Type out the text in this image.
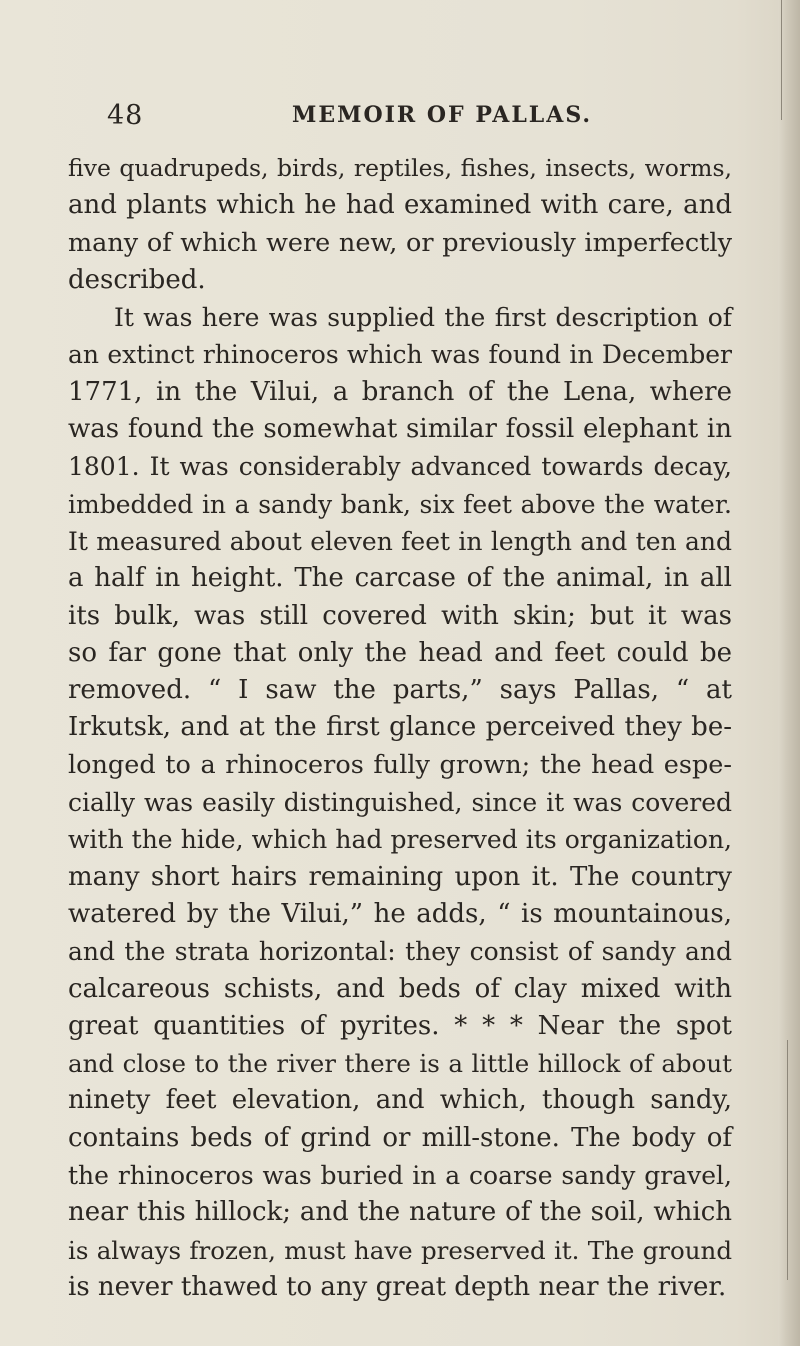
48	MEMOIR OF PALLAS.
five quadrupeds, birds, reptiles, fishes, insects, worms,
and plants which he had examined with care, and
many of which were new, or previously imperfectly
described.
It was here was supplied the first description of
an extinct rhinoceros which was found in December
1771, in the Vilui, a branch of the Lena, where
was found the somewhat similar fossil elephant in
1801. It was considerably advanced towards decay,
imbedded in a sandy bank, six feet above the water.
It measured about eleven feet in length and ten and
a half in height. The carcase of the animal, in all
its bulk, was still covered with skin; but it was
so far gone that only the head and feet could be
removed. “ I saw the parts,” says Pallas, “ at
Irkutsk, and at the first glance perceived they be-
longed to a rhinoceros fully grown; the head espe-
cially was easily distinguished, since it was covered
with the hide, which had preserved its organization,
many short hairs remaining upon it. The country
watered by the Vilui,” he adds, “ is mountainous,
and the strata horizontal: they consist of sandy and
calcareous schists, and beds of clay mixed with
great quantities of pyrites. * * * Near the spot
and close to the river there is a little hillock of about
ninety feet elevation, and which, though sandy,
contains beds of grind or mill-stone. The body of
the rhinoceros was buried in a coarse sandy gravel,
near this hillock; and the nature of the soil, which
is always frozen, must have preserved it. The ground
is never thawed to any great depth near the river.
